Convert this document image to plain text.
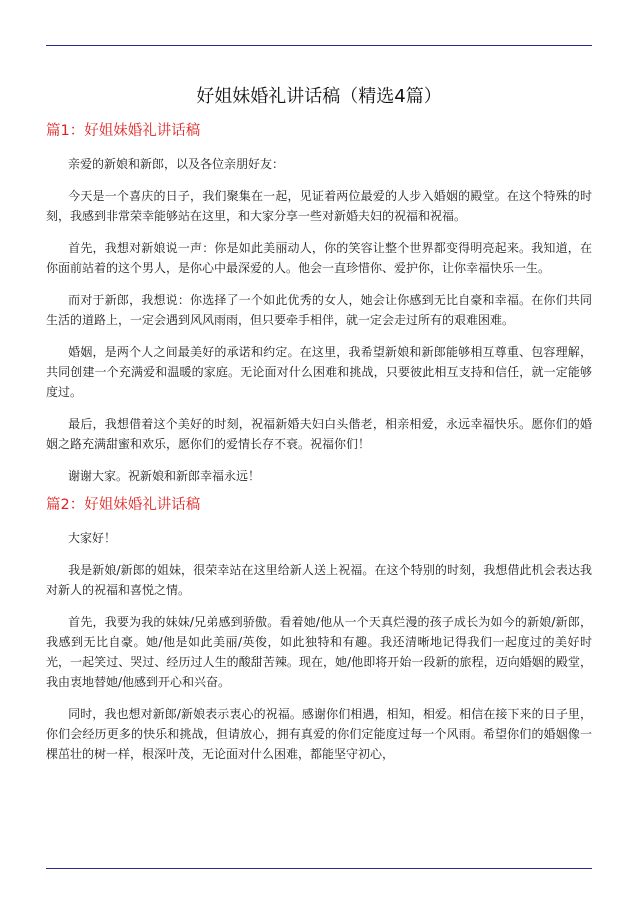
好姐妹婚礼讲话稿（精选4篇）
篇1：好姐妹婚礼讲话稿

亲爱的新娘和新郎，以及各位亲朋好友：

今天是一个喜庆的日子，我们聚集在一起，见证着两位最爱的人步入婚姻的殿堂。在这个特殊的时刻，我感到非常荣幸能够站在这里，和大家分享一些对新婚夫妇的祝福和祝福。

首先，我想对新娘说一声：你是如此美丽动人，你的笑容让整个世界都变得明亮起来。我知道，在你面前站着的这个男人，是你心中最深爱的人。他会一直珍惜你、爱护你，让你幸福快乐一生。

而对于新郎，我想说：你选择了一个如此优秀的女人，她会让你感到无比自豪和幸福。在你们共同生活的道路上，一定会遇到风风雨雨，但只要牵手相伴，就一定会走过所有的艰难困难。

婚姻，是两个人之间最美好的承诺和约定。在这里，我希望新娘和新郎能够相互尊重、包容理解，共同创建一个充满爱和温暖的家庭。无论面对什么困难和挑战，只要彼此相互支持和信任，就一定能够度过。

最后，我想借着这个美好的时刻，祝福新婚夫妇白头偕老，相亲相爱，永远幸福快乐。愿你们的婚姻之路充满甜蜜和欢乐，愿你们的爱情长存不衰。祝福你们！

谢谢大家。祝新娘和新郎幸福永远！

篇2：好姐妹婚礼讲话稿

大家好！

我是新娘/新郎的姐妹，很荣幸站在这里给新人送上祝福。在这个特别的时刻，我想借此机会表达我对新人的祝福和喜悦之情。

首先，我要为我的妹妹/兄弟感到骄傲。看着她/他从一个天真烂漫的孩子成长为如今的新娘/新郎，我感到无比自豪。她/他是如此美丽/英俊，如此独特和有趣。我还清晰地记得我们一起度过的美好时光，一起笑过、哭过、经历过人生的酸甜苦辣。现在，她/他即将开始一段新的旅程，迈向婚姻的殿堂，我由衷地替她/他感到开心和兴奋。

同时，我也想对新郎/新娘表示衷心的祝福。感谢你们相遇，相知，相爱。相信在接下来的日子里，你们会经历更多的快乐和挑战，但请放心，拥有真爱的你们定能度过每一个风雨。希望你们的婚姻像一棵茁壮的树一样，根深叶茂，无论面对什么困难，都能坚守初心，
